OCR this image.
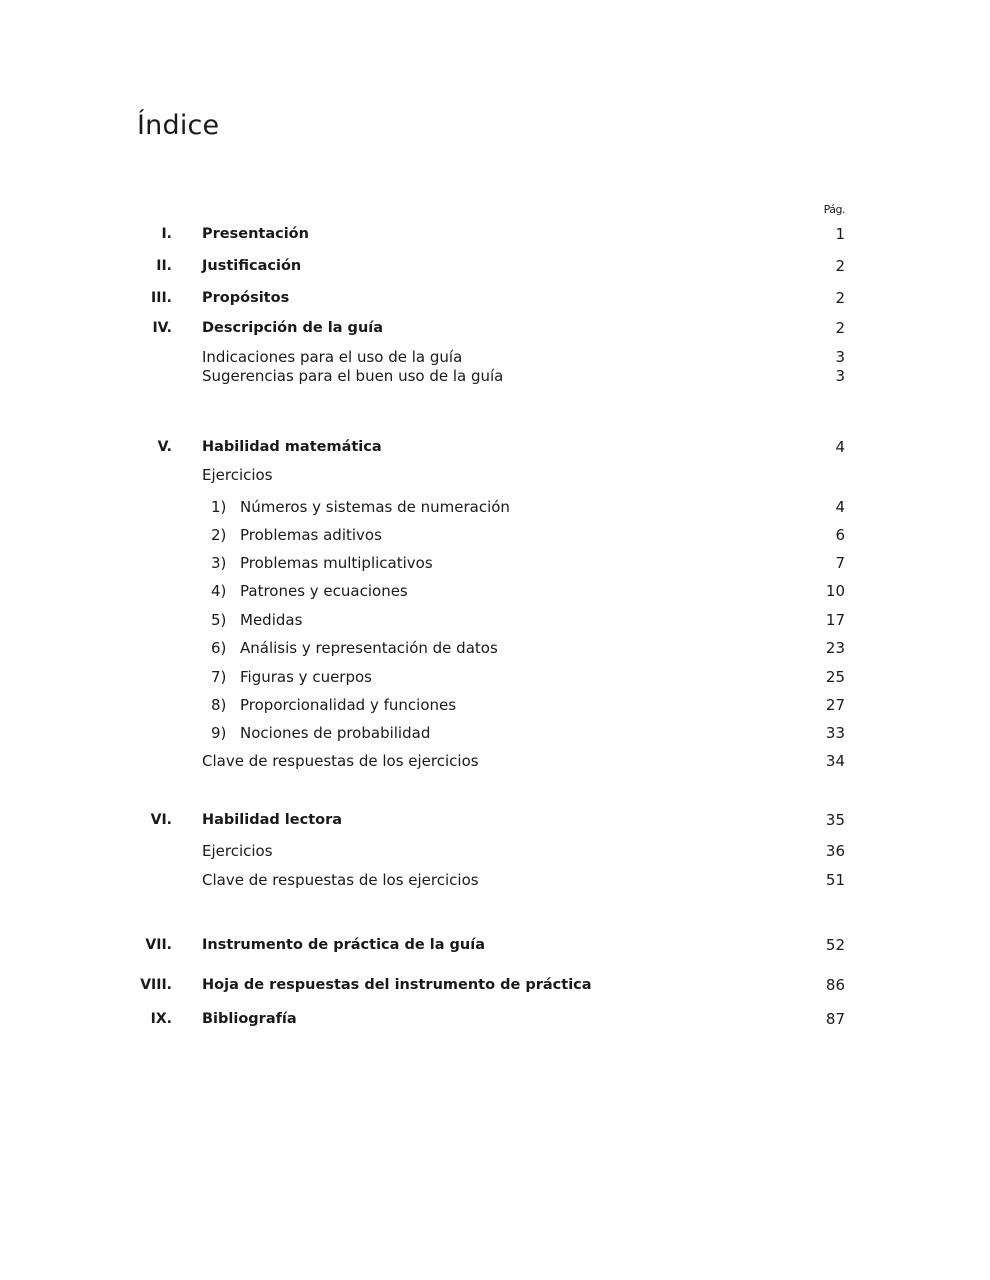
Índice
Pág.
I. Presentación	1
II. Justificación	2
III. Propósitos	2
IV. Descripción de la guía	2
Indicaciones para el uso de la guía	3
Sugerencias para el buen uso de la guía	3
V. Habilidad matemática	4
Ejercicios
1) Números y sistemas de numeración	4
2) Problemas aditivos	6
3) Problemas multiplicativos	7
4) Patrones y ecuaciones	10
5) Medidas	17
6) Análisis y representación de datos	23
7) Figuras y cuerpos	25
8) Proporcionalidad y funciones	27
9) Nociones de probabilidad	33
Clave de respuestas de los ejercicios	34
VI. Habilidad lectora	35
Ejercicios	36
Clave de respuestas de los ejercicios	51
VII. Instrumento de práctica de la guía	52
VIII. Hoja de respuestas del instrumento de práctica	86
IX. Bibliografía	87
